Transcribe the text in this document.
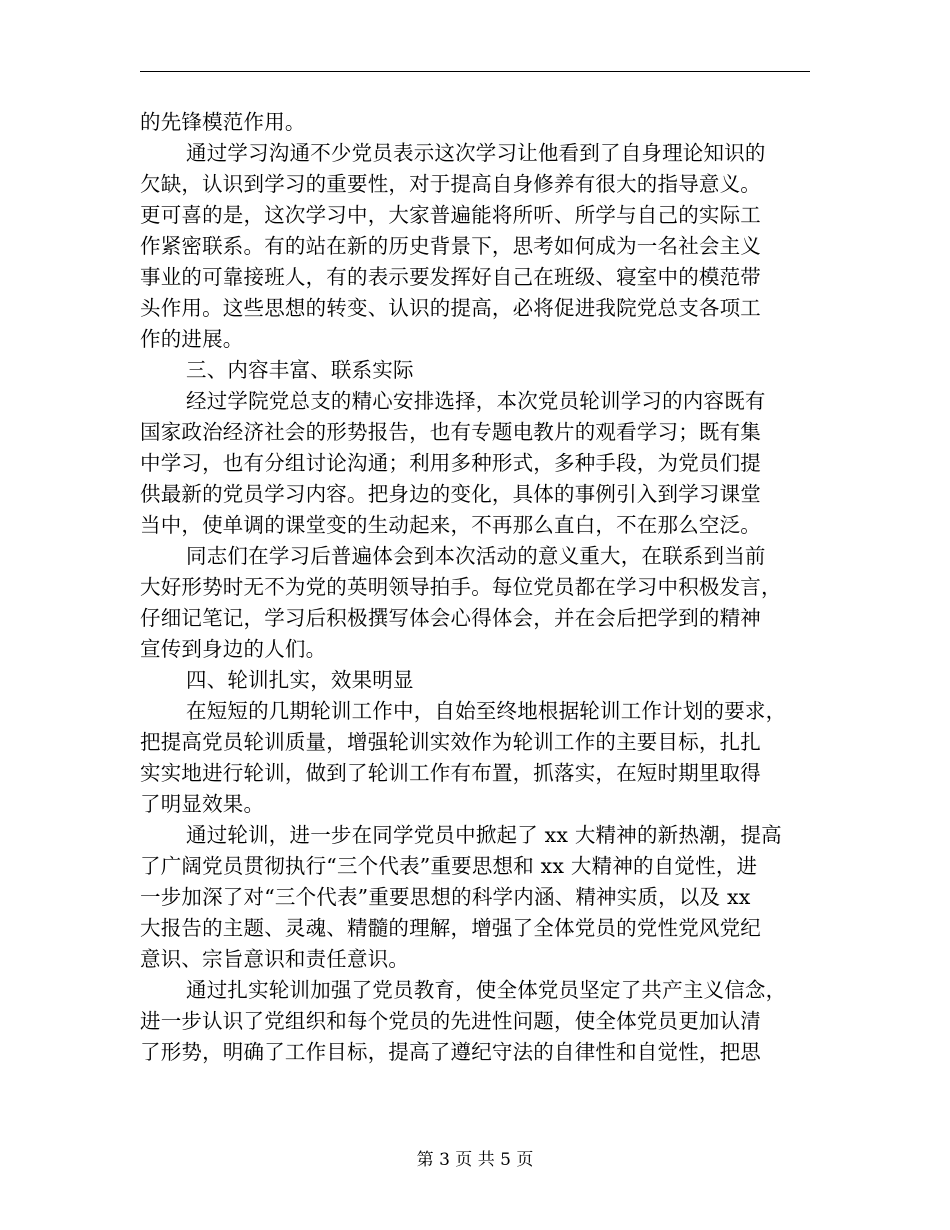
的先锋模范作用。
通过学习沟通不少党员表示这次学习让他看到了自身理论知识的
欠缺，认识到学习的重要性，对于提高自身修养有很大的指导意义。
更可喜的是，这次学习中，大家普遍能将所听、所学与自己的实际工
作紧密联系。有的站在新的历史背景下，思考如何成为一名社会主义
事业的可靠接班人，有的表示要发挥好自己在班级、寝室中的模范带
头作用。这些思想的转变、认识的提高，必将促进我院党总支各项工
作的进展。
三、内容丰富、联系实际
经过学院党总支的精心安排选择，本次党员轮训学习的内容既有
国家政治经济社会的形势报告，也有专题电教片的观看学习；既有集
中学习，也有分组讨论沟通；利用多种形式，多种手段，为党员们提
供最新的党员学习内容。把身边的变化，具体的事例引入到学习课堂
当中，使单调的课堂变的生动起来，不再那么直白，不在那么空泛。
同志们在学习后普遍体会到本次活动的意义重大，在联系到当前
大好形势时无不为党的英明领导拍手。每位党员都在学习中积极发言，
仔细记笔记，学习后积极撰写体会心得体会，并在会后把学到的精神
宣传到身边的人们。
四、轮训扎实，效果明显
在短短的几期轮训工作中，自始至终地根据轮训工作计划的要求，
把提高党员轮训质量，增强轮训实效作为轮训工作的主要目标，扎扎
实实地进行轮训，做到了轮训工作有布置，抓落实，在短时期里取得
了明显效果。
通过轮训，进一步在同学党员中掀起了 xx 大精神的新热潮，提高
了广阔党员贯彻执行“三个代表”重要思想和 xx 大精神的自觉性，进
一步加深了对“三个代表”重要思想的科学内涵、精神实质，以及 xx
大报告的主题、灵魂、精髓的理解，增强了全体党员的党性党风党纪
意识、宗旨意识和责任意识。
通过扎实轮训加强了党员教育，使全体党员坚定了共产主义信念，
进一步认识了党组织和每个党员的先进性问题，使全体党员更加认清
了形势，明确了工作目标，提高了遵纪守法的自律性和自觉性，把思
第 3 页 共 5 页
